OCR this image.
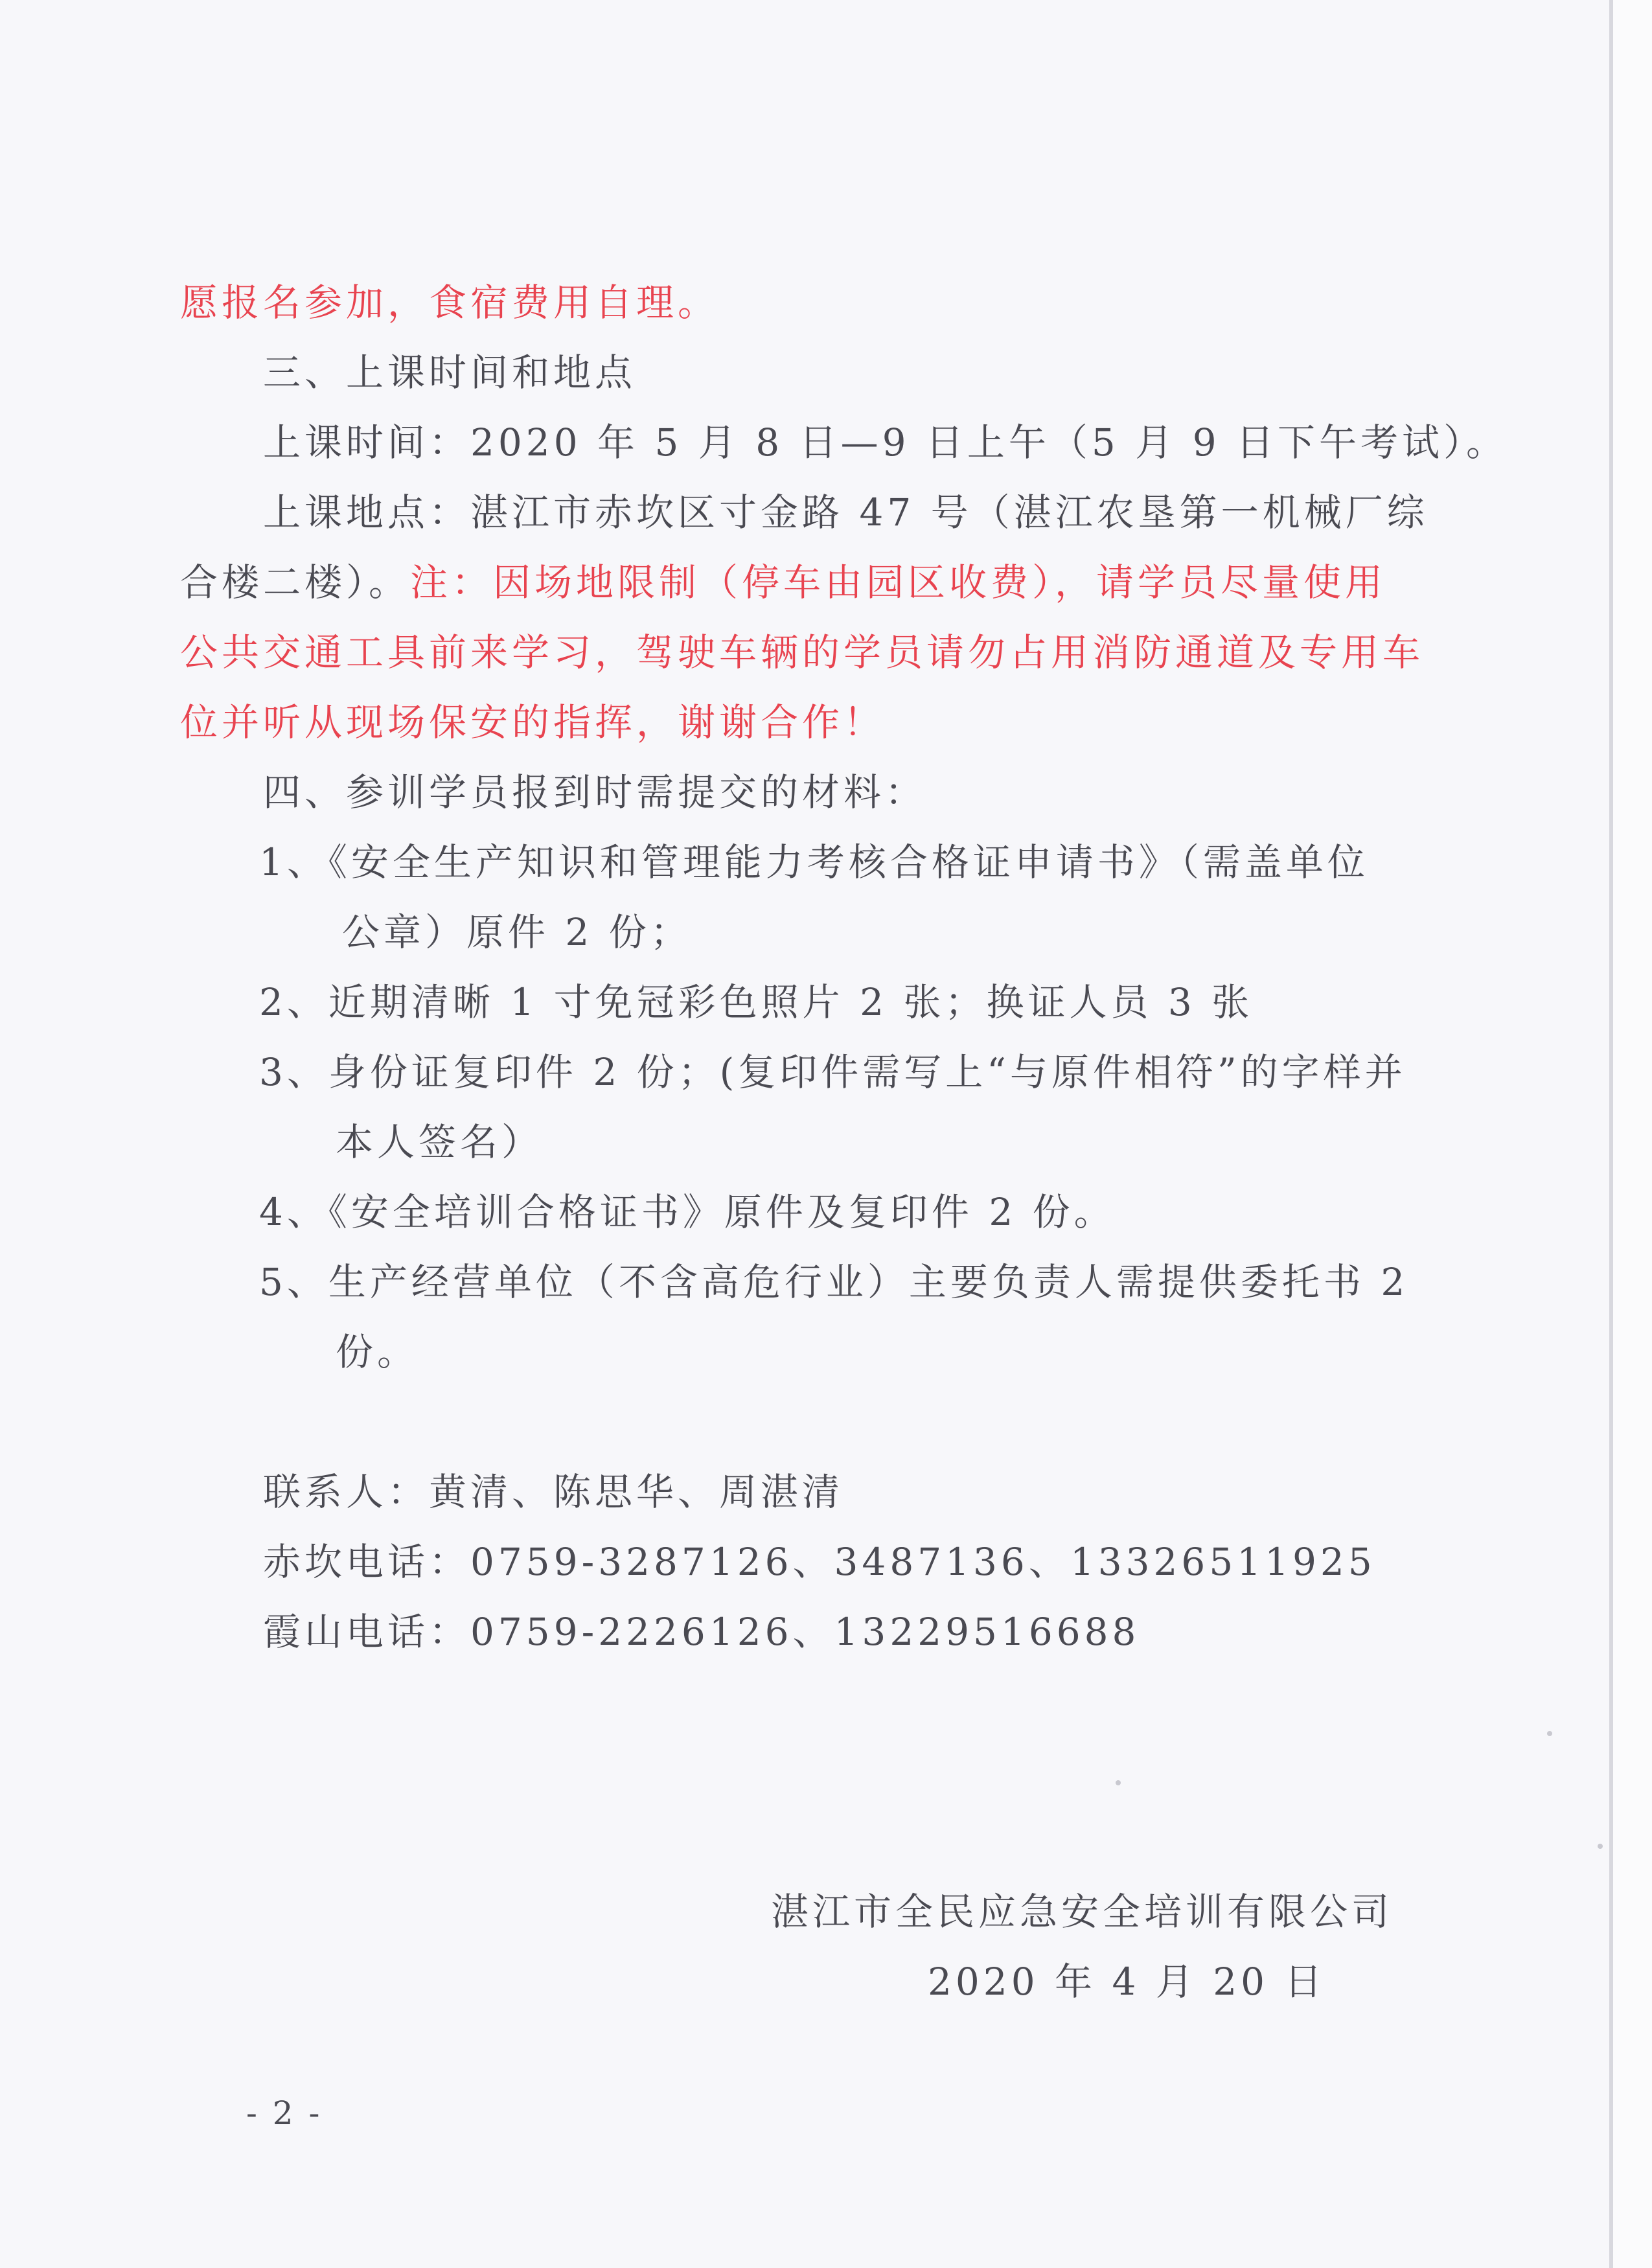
愿报名参加，食宿费用自理。
三、上课时间和地点
上课时间：2020 年 5 月 8 日—9 日上午（5 月 9 日下午考试）。
上课地点：湛江市赤坎区寸金路 47 号（湛江农垦第一机械厂综
合楼二楼）。注：因场地限制（停车由园区收费），请学员尽量使用
公共交通工具前来学习，驾驶车辆的学员请勿占用消防通道及专用车
位并听从现场保安的指挥，谢谢合作！
四、参训学员报到时需提交的材料：
1、《安全生产知识和管理能力考核合格证申请书》（需盖单位
公章）原件 2 份；
2、近期清晰 1 寸免冠彩色照片 2 张；换证人员 3 张
3、身份证复印件 2 份；(复印件需写上“与原件相符”的字样并
本人签名）
4、《安全培训合格证书》原件及复印件 2 份。
5、生产经营单位（不含高危行业）主要负责人需提供委托书 2
份。
联系人：黄清、陈思华、周湛清
赤坎电话：0759-3287126、3487136、13326511925
霞山电话：0759-2226126、13229516688
湛江市全民应急安全培训有限公司
2020 年 4 月 20 日
- 2 -
